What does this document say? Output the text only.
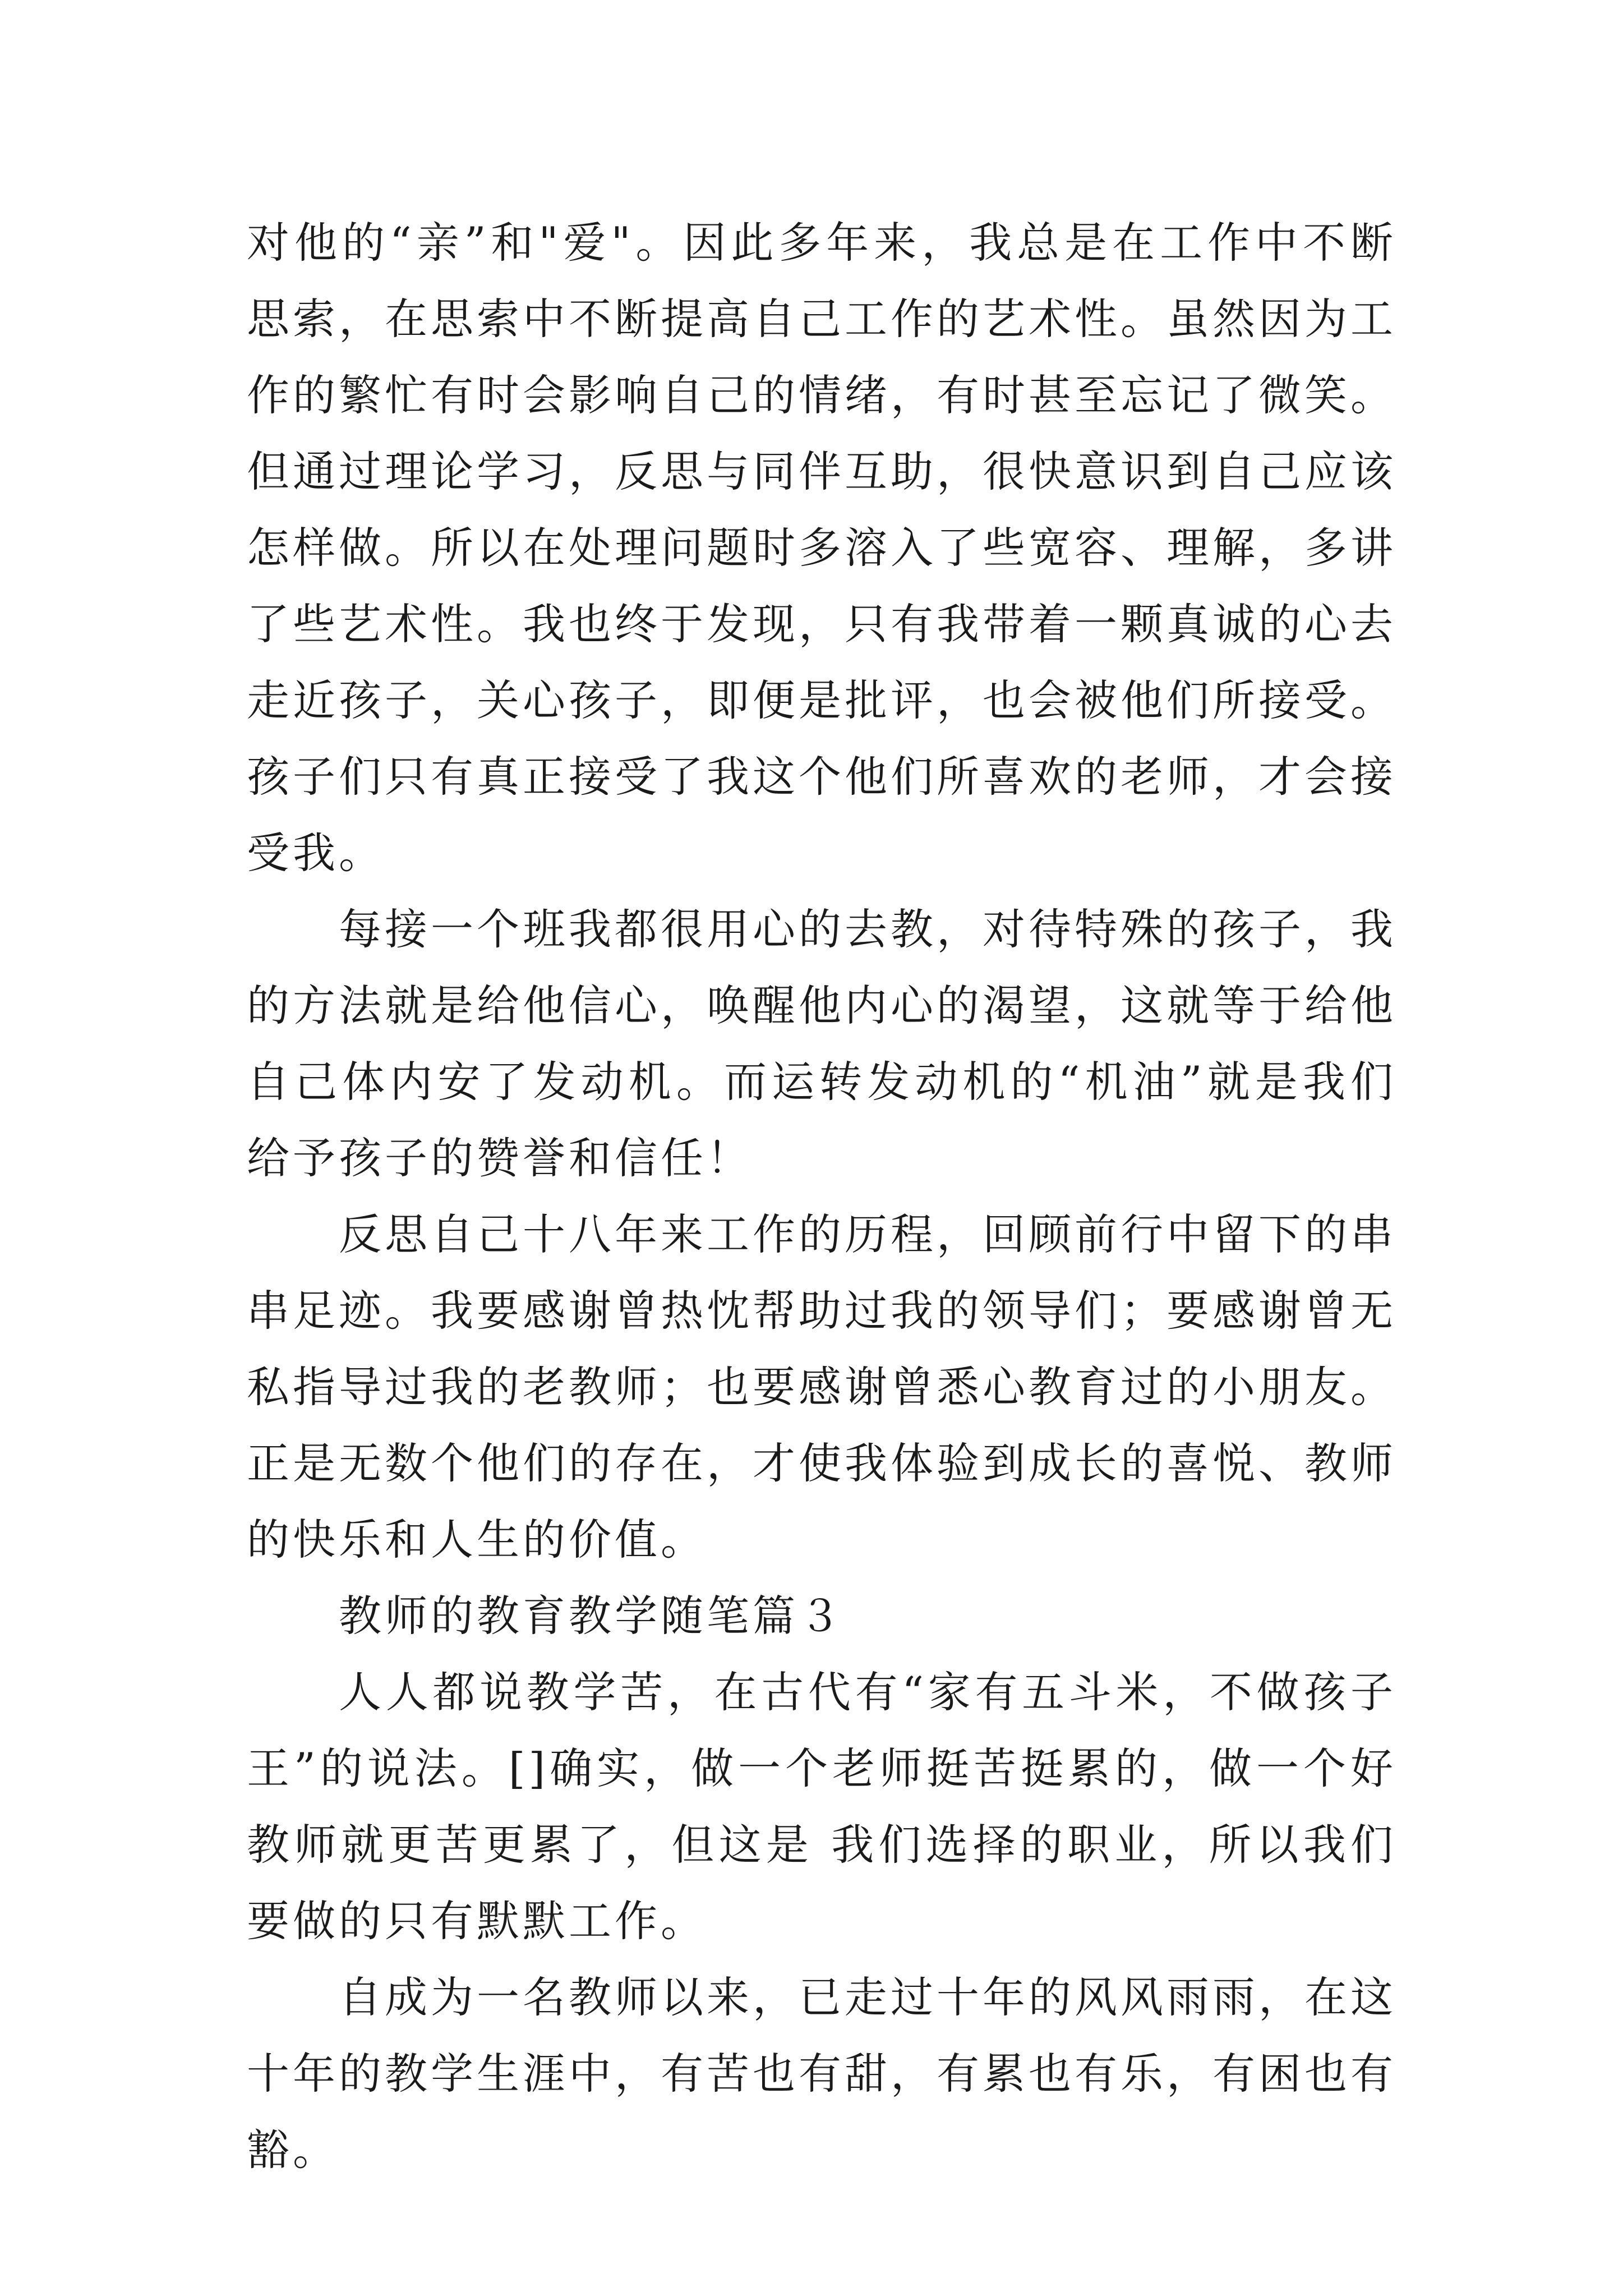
对他的“亲”和"爱"。因此多年来，我总是在工作中不断思索，在思索中不断提高自己工作的艺术性。虽然因为工作的繁忙有时会影响自己的情绪，有时甚至忘记了微笑。但通过理论学习，反思与同伴互助，很快意识到自己应该怎样做。所以在处理问题时多溶入了些宽容、理解，多讲了些艺术性。我也终于发现，只有我带着一颗真诚的心去走近孩子，关心孩子，即便是批评，也会被他们所接受。孩子们只有真正接受了我这个他们所喜欢的老师，才会接受我。

每接一个班我都很用心的去教，对待特殊的孩子，我的方法就是给他信心，唤醒他内心的渴望，这就等于给他自己体内安了发动机。而运转发动机的“机油”就是我们给予孩子的赞誉和信任！

反思自己十八年来工作的历程，回顾前行中留下的串串足迹。我要感谢曾热忱帮助过我的领导们；要感谢曾无私指导过我的老教师；也要感谢曾悉心教育过的小朋友。正是无数个他们的存在，才使我体验到成长的喜悦、教师的快乐和人生的价值。

教师的教育教学随笔篇３

人人都说教学苦，在古代有“家有五斗米，不做孩子王”的说法。[]确实，做一个老师挺苦挺累的，做一个好教师就更苦更累了，但这是 我们选择的职业，所以我们要做的只有默默工作。

自成为一名教师以来，已走过十年的风风雨雨，在这十年的教学生涯中，有苦也有甜，有累也有乐，有困也有豁。
